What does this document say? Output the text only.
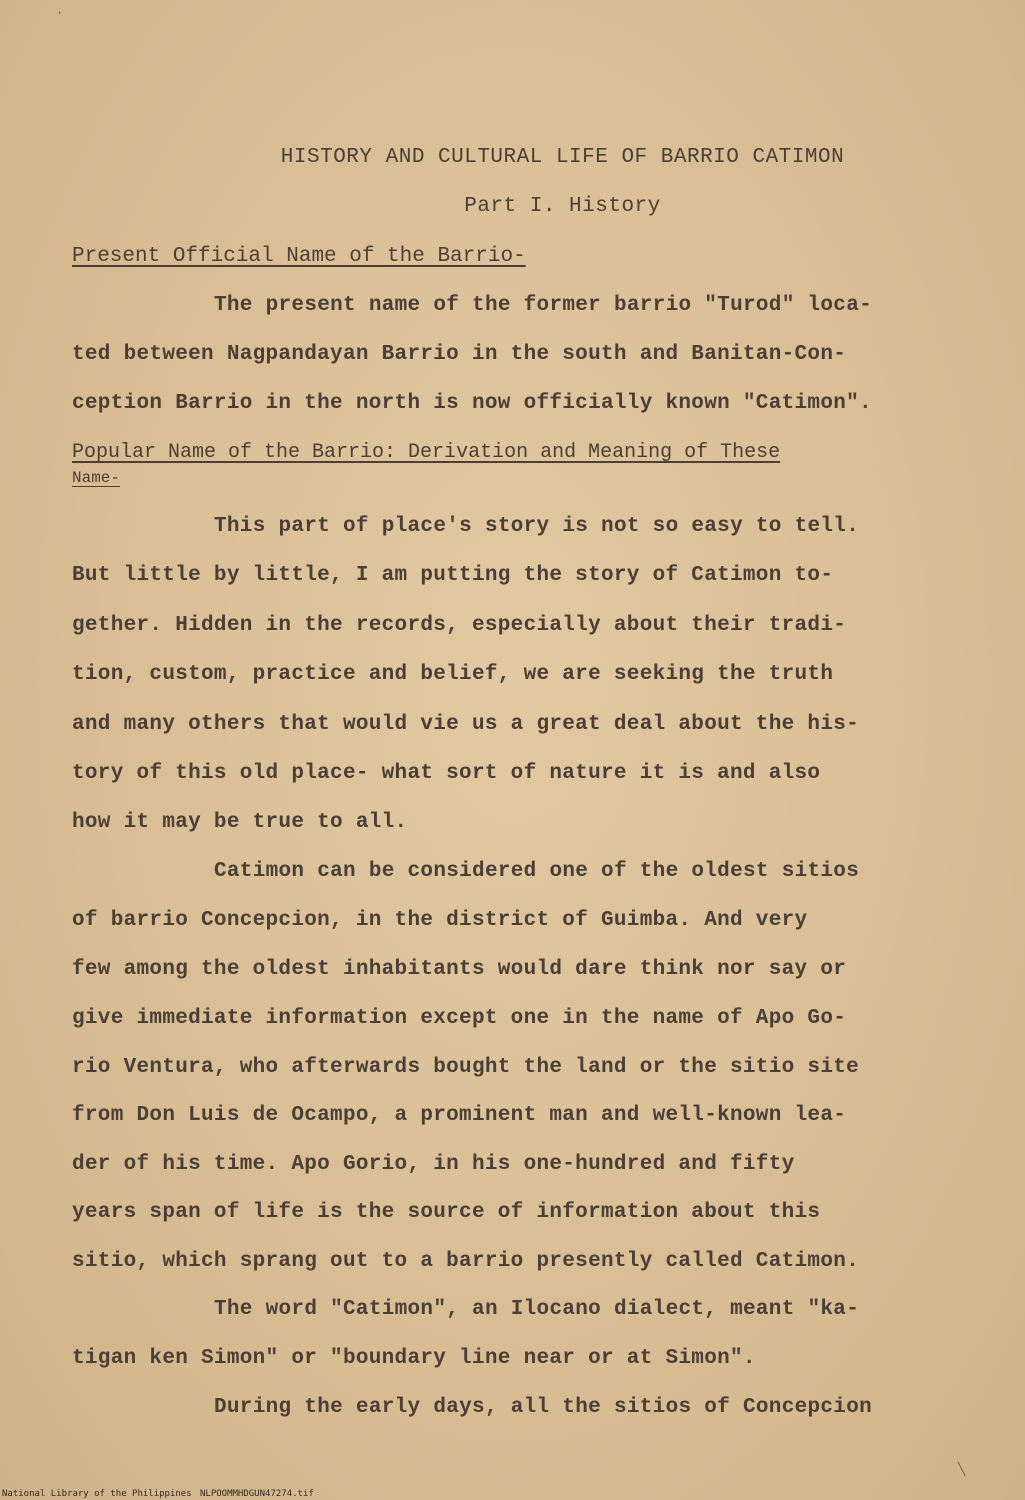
·
HISTORY AND CULTURAL LIFE OF BARRIO CATIMON
Part I. History
Present Official Name of the Barrio-
The present name of the former barrio "Turod" loca-
ted between Nagpandayan Barrio in the south and Banitan-Con-
ception Barrio in the north is now officially known "Catimon".
Popular Name of the Barrio: Derivation and Meaning of These
Name-
This part of place's story is not so easy to tell.
But little by little, I am putting the story of Catimon to-
gether. Hidden in the records, especially about their tradi-
tion, custom, practice and belief, we are seeking the truth
and many others that would vie us a great deal about the his-
tory of this old place- what sort of nature it is and also
how it may be true to all.
Catimon can be considered one of the oldest sitios
of barrio Concepcion, in the district of Guimba. And very
few among the oldest inhabitants would dare think nor say or
give immediate information except one in the name of Apo Go-
rio Ventura, who afterwards bought the land or the sitio site
from Don Luis de Ocampo, a prominent man and well-known lea-
der of his time. Apo Gorio, in his one-hundred and fifty
years span of life is the source of information about this
sitio, which sprang out to a barrio presently called Catimon.
The word "Catimon", an Ilocano dialect, meant "ka-
tigan ken Simon" or "boundary line near or at Simon".
During the early days, all the sitios of Concepcion
╲
National Library of the Philippines NLPOOMMHDGUN47274.tif
